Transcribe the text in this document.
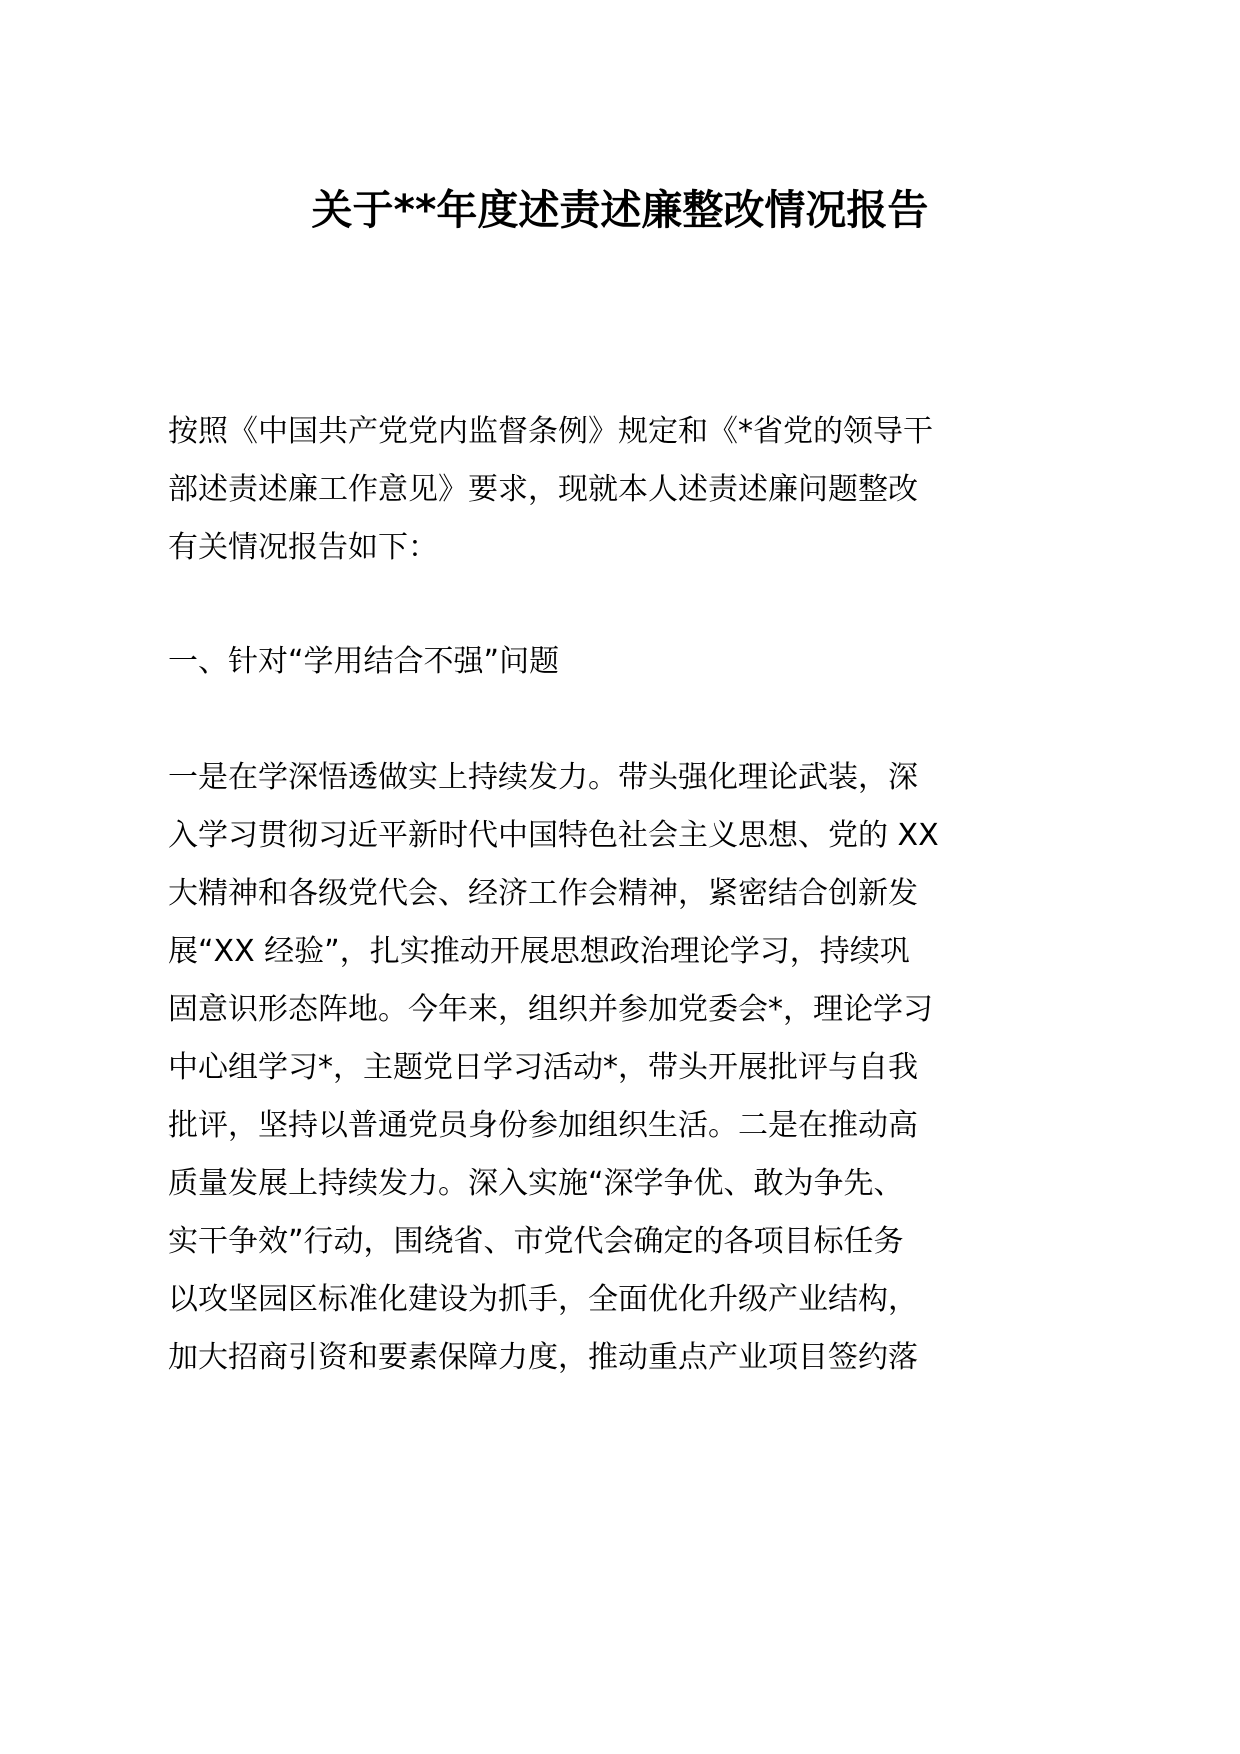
关于**年度述责述廉整改情况报告
按照《中国共产党党内监督条例》规定和《*省党的领导干
部述责述廉工作意见》要求，现就本人述责述廉问题整改
有关情况报告如下：
一、针对“学用结合不强”问题
一是在学深悟透做实上持续发力。带头强化理论武装，深
入学习贯彻习近平新时代中国特色社会主义思想、党的 XX
大精神和各级党代会、经济工作会精神，紧密结合创新发
展“XX 经验”，扎实推动开展思想政治理论学习，持续巩
固意识形态阵地。今年来，组织并参加党委会*，理论学习
中心组学习*，主题党日学习活动*，带头开展批评与自我
批评，坚持以普通党员身份参加组织生活。二是在推动高
质量发展上持续发力。深入实施“深学争优、敢为争先、
实干争效”行动，围绕省、市党代会确定的各项目标任务
以攻坚园区标准化建设为抓手，全面优化升级产业结构，
加大招商引资和要素保障力度，推动重点产业项目签约落
